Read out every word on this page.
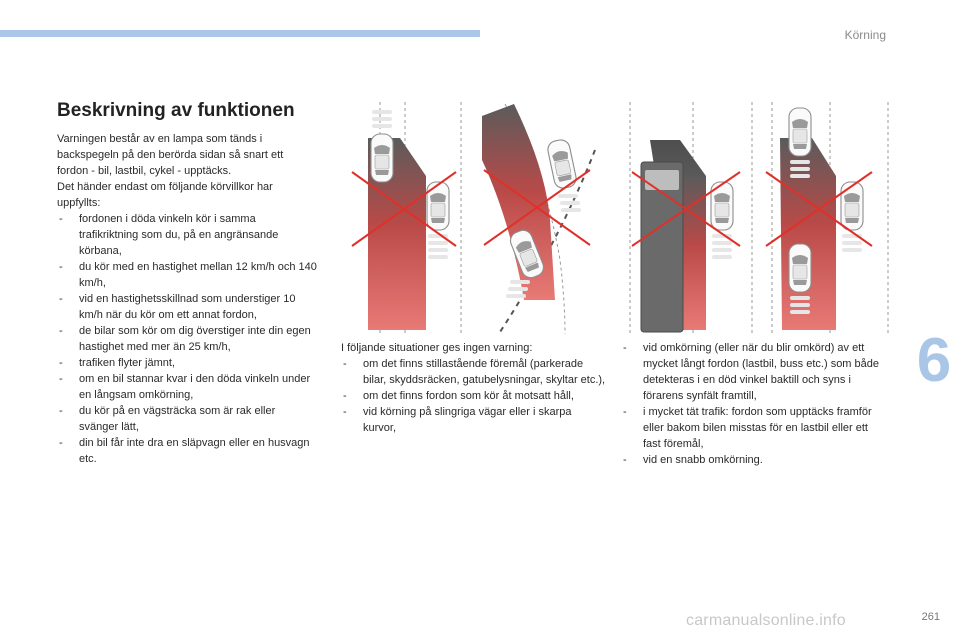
Körning
6
Beskrivning av funktionen

Varningen består av en lampa som tänds i backspegeln på den berörda sidan så snart ett fordon - bil, lastbil, cykel - upptäcks.

Det händer endast om följande körvillkor har uppfyllts:

- fordonen i döda vinkeln kör i samma trafikriktning som du, på en angränsande körbana,
- du kör med en hastighet mellan 12 km/h och 140 km/h,
- vid en hastighetsskillnad som understiger 10 km/h när du kör om ett annat fordon,
- de bilar som kör om dig överstiger inte din egen hastighet med mer än 25 km/h,
- trafiken flyter jämnt,
- om en bil stannar kvar i den döda vinkeln under en långsam omkörning,
- du kör på en vägsträcka som är rak eller svänger lätt,
- din bil får inte dra en släpvagn eller en husvagn etc.

I följande situationer ges ingen varning:

- om det finns stillastående föremål (parkerade bilar, skyddsräcken, gatubelysningar, skyltar etc.),
- om det finns fordon som kör åt motsatt håll,
- vid körning på slingriga vägar eller i skarpa kurvor,
- vid omkörning (eller när du blir omkörd) av ett mycket långt fordon (lastbil, buss etc.) som både detekteras i en död vinkel baktill och syns i förarens synfält framtill,
- i mycket tät trafik: fordon som upptäcks framför eller bakom bilen misstas för en lastbil eller ett fast föremål,
- vid en snabb omkörning.
carmanualsonline.info	261
